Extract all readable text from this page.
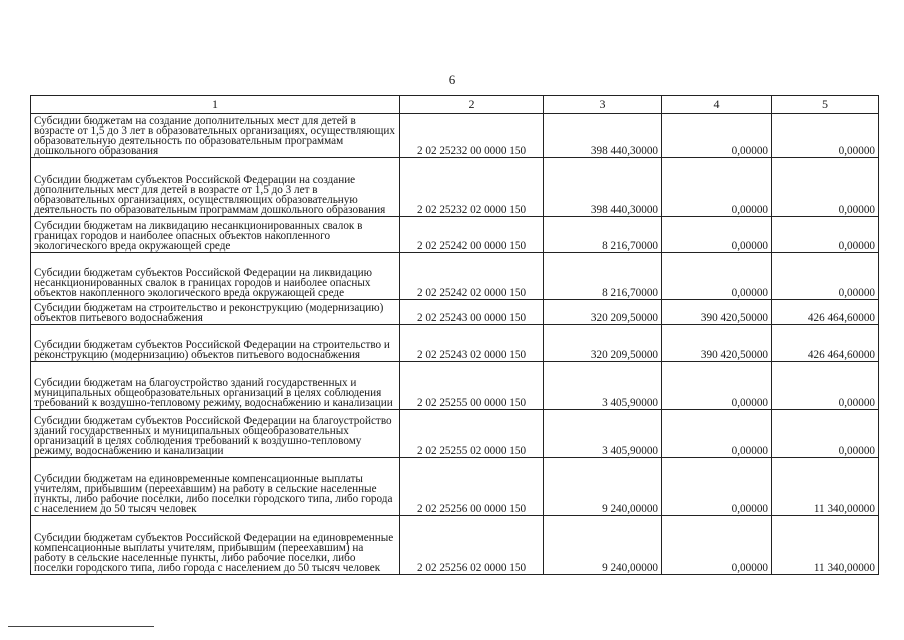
6
1	2	3	4	5
Субсидии бюджетам на создание дополнительных мест для детей в возрасте от 1,5 до 3 лет в образовательных организациях, осуществляющих образовательную деятельность по образовательным программам дошкольного образования	2 02 25232 00 0000 150	398 440,30000	0,00000	0,00000
Субсидии бюджетам субъектов Российской Федерации на создание дополнительных мест для детей в возрасте от 1,5 до 3 лет в образовательных организациях, осуществляющих образовательную деятельность по образовательным программам дошкольного образования	2 02 25232 02 0000 150	398 440,30000	0,00000	0,00000
Субсидии бюджетам на ликвидацию несанкционированных свалок в границах городов и наиболее опасных объектов накопленного экологического вреда окружающей среде	2 02 25242 00 0000 150	8 216,70000	0,00000	0,00000
Субсидии бюджетам субъектов Российской Федерации на ликвидацию несанкционированных свалок в границах городов и наиболее опасных объектов накопленного экологического вреда окружающей среде	2 02 25242 02 0000 150	8 216,70000	0,00000	0,00000
Субсидии бюджетам на строительство и реконструкцию (модернизацию) объектов питьевого водоснабжения	2 02 25243 00 0000 150	320 209,50000	390 420,50000	426 464,60000
Субсидии бюджетам субъектов Российской Федерации на строительство и реконструкцию (модернизацию) объектов питьевого водоснабжения	2 02 25243 02 0000 150	320 209,50000	390 420,50000	426 464,60000
Субсидии бюджетам на благоустройство зданий государственных и муниципальных общеобразовательных организаций в целях соблюдения требований к воздушно-тепловому режиму, водоснабжению и канализации	2 02 25255 00 0000 150	3 405,90000	0,00000	0,00000
Субсидии бюджетам субъектов Российской Федерации на благоустройство зданий государственных и муниципальных общеобразовательных организаций в целях соблюдения требований к воздушно-тепловому режиму, водоснабжению и канализации	2 02 25255 02 0000 150	3 405,90000	0,00000	0,00000
Субсидии бюджетам на единовременные компенсационные выплаты учителям, прибывшим (переехавшим) на работу в сельские населенные пункты, либо рабочие поселки, либо поселки городского типа, либо города с населением до 50 тысяч человек	2 02 25256 00 0000 150	9 240,00000	0,00000	11 340,00000
Субсидии бюджетам субъектов Российской Федерации на единовременные компенсационные выплаты учителям, прибывшим (переехавшим) на работу в сельские населенные пункты, либо рабочие поселки, либо поселки городского типа, либо города с населением до 50 тысяч человек	2 02 25256 02 0000 150	9 240,00000	0,00000	11 340,00000
